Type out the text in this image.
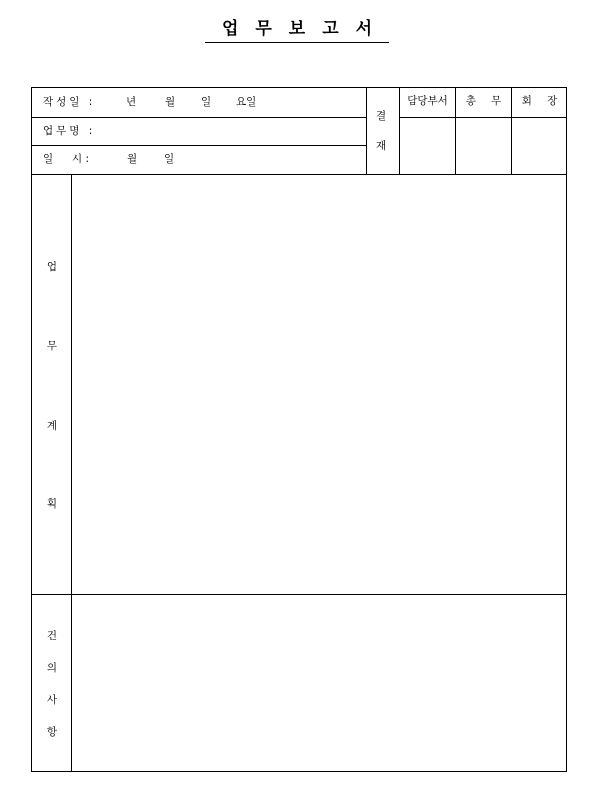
업무보고서
작성일 :	년	월 일 요일
업무명 :
일 시 :	월	일
결
재
담당부서	총 무	회 장
업
무
계
획
건
의
사
항
